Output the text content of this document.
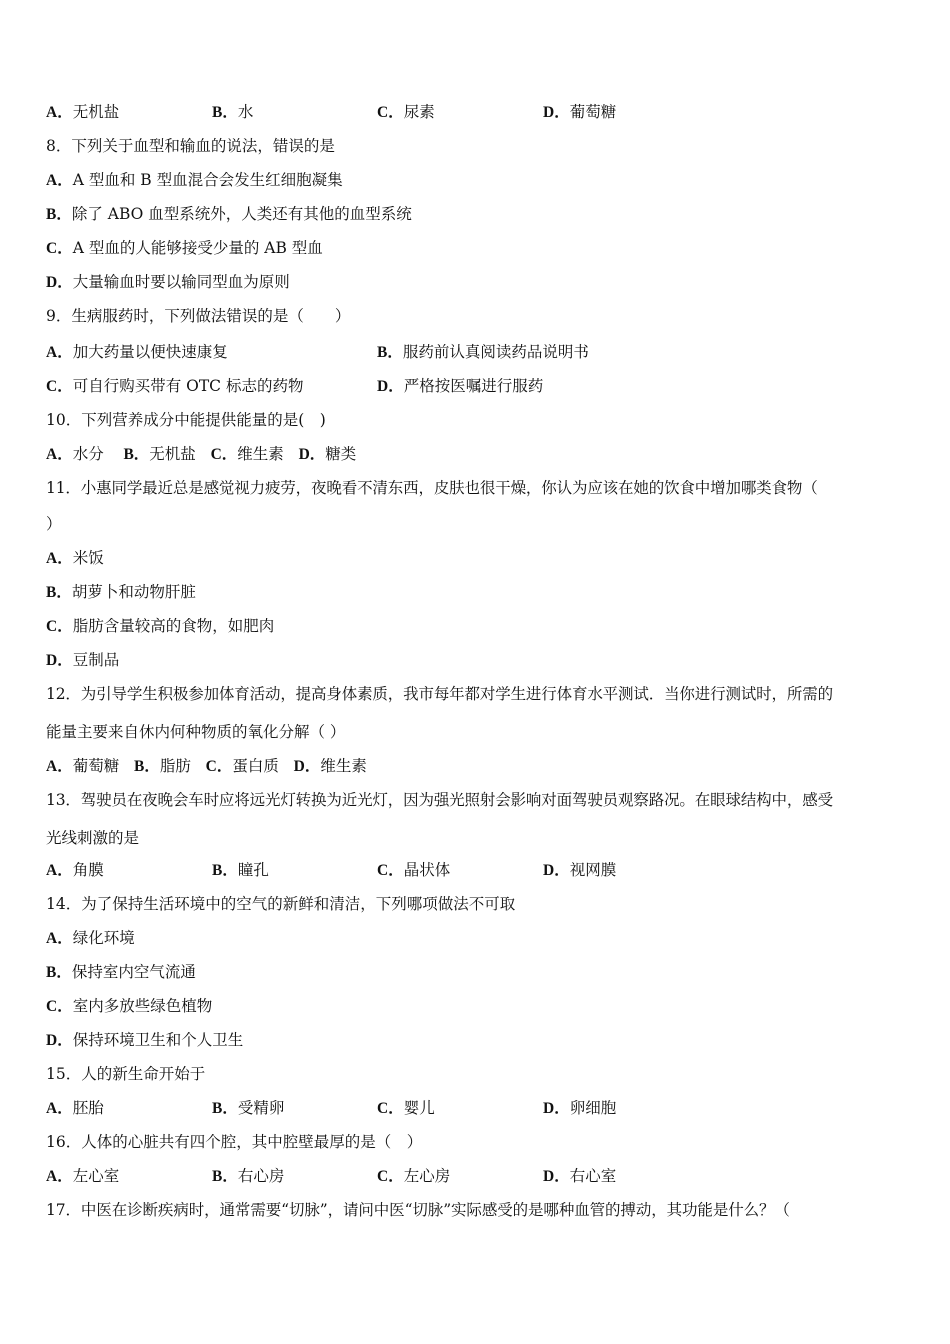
A．无机盐	B．水	C．尿素	D．葡萄糖
8．下列关于血型和输血的说法，错误的是
A．A 型血和 B 型血混合会发生红细胞凝集
B．除了 ABO 血型系统外，人类还有其他的血型系统
C．A 型血的人能够接受少量的 AB 型血
D．大量输血时要以输同型血为原则
9．生病服药时，下列做法错误的是（　　）
A．加大药量以便快速康复	B．服药前认真阅读药品说明书
C．可自行购买带有 OTC 标志的药物	D．严格按医嘱进行服药
10．下列营养成分中能提供能量的是(　)
A．水分 B．无机盐 C．维生素 D．糖类
11．小惠同学最近总是感觉视力疲劳，夜晚看不清东西，皮肤也很干燥，你认为应该在她的饮食中增加哪类食物（
）
A．米饭
B．胡萝卜和动物肝脏
C．脂肪含量较高的食物，如肥肉
D．豆制品
12．为引导学生积极参加体育活动，提高身体素质，我市每年都对学生进行体育水平测试．当你进行测试时，所需的
能量主要来自休内何种物质的氧化分解（ ）
A．葡萄糖 B．脂肪 C．蛋白质 D．维生素
13．驾驶员在夜晚会车时应将远光灯转换为近光灯，因为强光照射会影响对面驾驶员观察路况。在眼球结构中，感受
光线刺激的是
A．角膜	B．瞳孔	C．晶状体	D．视网膜
14．为了保持生活环境中的空气的新鲜和清洁，下列哪项做法不可取
A．绿化环境
B．保持室内空气流通
C．室内多放些绿色植物
D．保持环境卫生和个人卫生
15．人的新生命开始于
A．胚胎	B．受精卵	C．婴儿	D．卵细胞
16．人体的心脏共有四个腔，其中腔壁最厚的是（　）
A．左心室	B．右心房	C．左心房	D．右心室
17．中医在诊断疾病时，通常需要“切脉”，请问中医“切脉”实际感受的是哪种血管的搏动，其功能是什么？（
